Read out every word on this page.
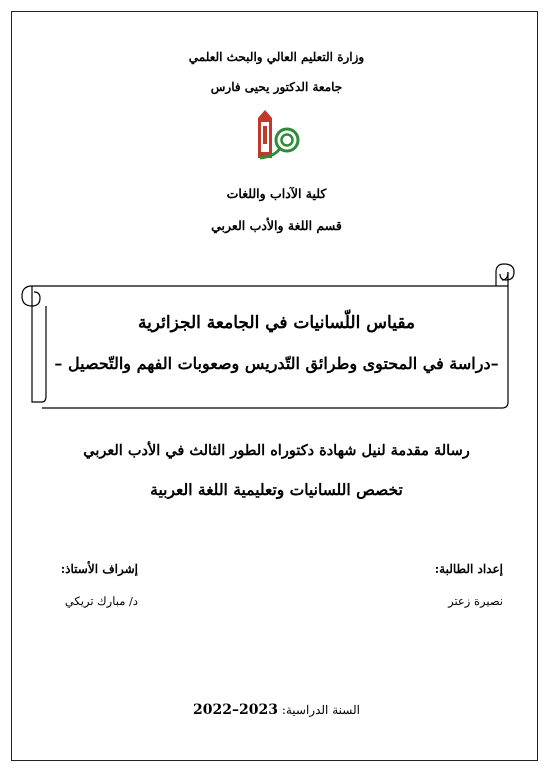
وزارة التعليم العالي والبحث العلمي
جامعة الدكتور يحيى فارس
كلية الآداب واللغات
قسم اللغة والأدب العربي
مقياس اللّسانيات في الجامعة الجزائرية
–دراسة في المحتوى وطرائق التّدريس وصعوبات الفهم والتّحصيل –
رسالة مقدمة لنيل شهادة دكتوراه الطور الثالث في الأدب العربي
تخصص اللسانيات وتعليمية اللغة العربية
إعداد الطالبة:
نصيرة زعتر
إشراف الأستاذ:
د/ مبارك تريكي
السنة الدراسية: 2022–2023
